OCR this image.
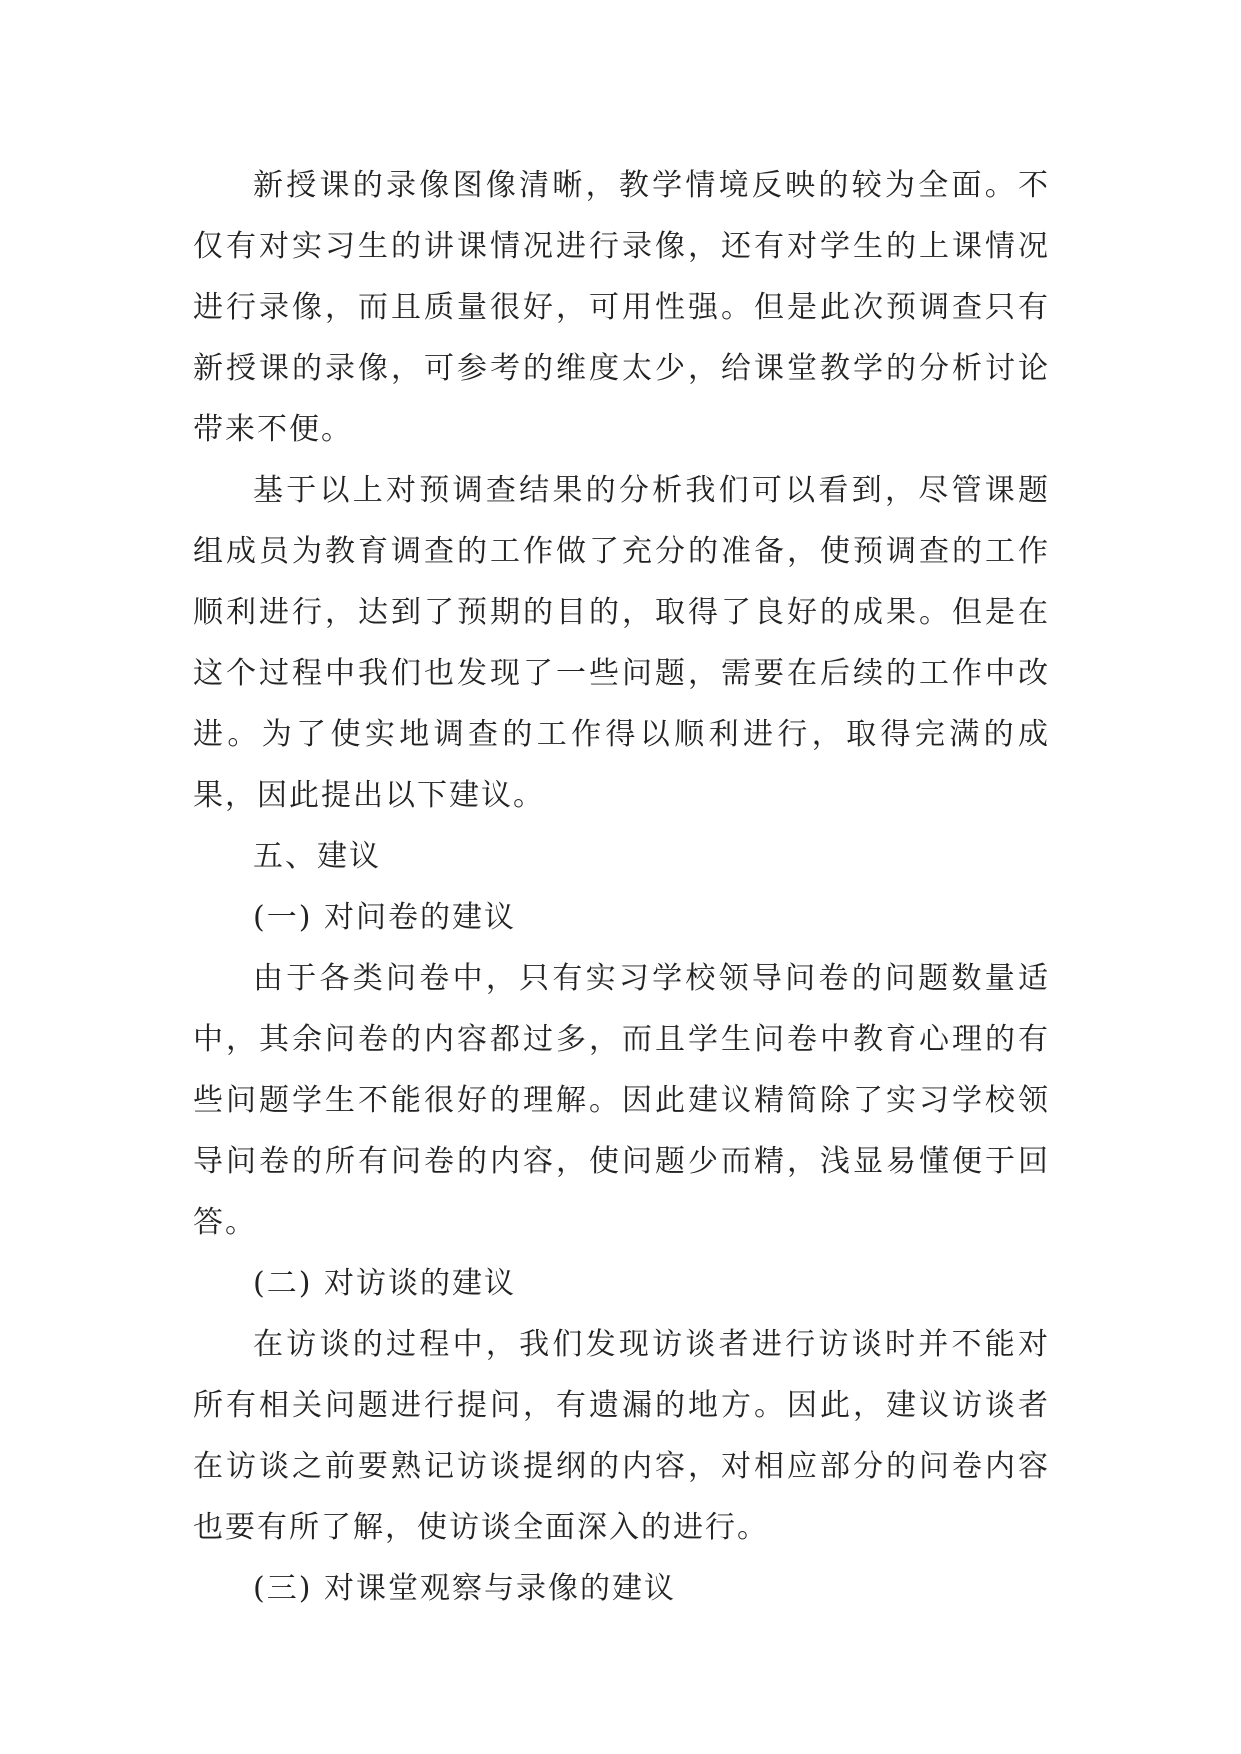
新授课的录像图像清晰，教学情境反映的较为全面。不仅有对实习生的讲课情况进行录像，还有对学生的上课情况进行录像，而且质量很好，可用性强。但是此次预调查只有新授课的录像，可参考的维度太少，给课堂教学的分析讨论带来不便。

基于以上对预调查结果的分析我们可以看到，尽管课题组成员为教育调查的工作做了充分的准备，使预调查的工作顺利进行，达到了预期的目的，取得了良好的成果。但是在这个过程中我们也发现了一些问题，需要在后续的工作中改进。为了使实地调查的工作得以顺利进行，取得完满的成果，因此提出以下建议。

五、建议

(一) 对问卷的建议

由于各类问卷中，只有实习学校领导问卷的问题数量适中，其余问卷的内容都过多，而且学生问卷中教育心理的有些问题学生不能很好的理解。因此建议精简除了实习学校领导问卷的所有问卷的内容，使问题少而精，浅显易懂便于回答。

(二) 对访谈的建议

在访谈的过程中，我们发现访谈者进行访谈时并不能对所有相关问题进行提问，有遗漏的地方。因此，建议访谈者在访谈之前要熟记访谈提纲的内容，对相应部分的问卷内容也要有所了解，使访谈全面深入的进行。

(三) 对课堂观察与录像的建议
